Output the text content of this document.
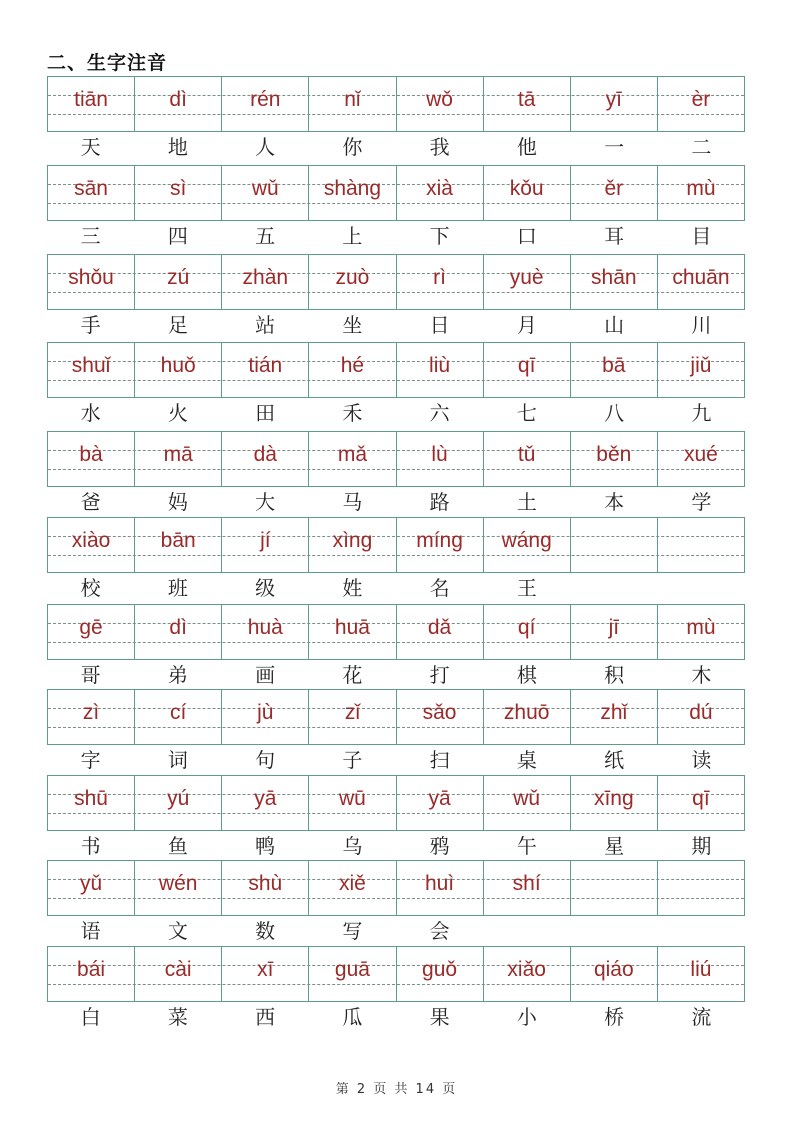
二、生字注音
tiān	dì	rén	nǐ	wǒ	tā	yī	èr
天	地	人	你	我	他	一	二
sān	sì	wǔ	shàng	xià	kǒu	ěr	mù
三	四	五	上	下	口	耳	目
shǒu	zú	zhàn	zuò	rì	yuè	shān	chuān
手	足	站	坐	日	月	山	川
shuǐ	huǒ	tián	hé	liù	qī	bā	jiǔ
水	火	田	禾	六	七	八	九
bà	mā	dà	mǎ	lù	tǔ	běn	xué
爸	妈	大	马	路	土	本	学
xiào	bān	jí	xìng	míng	wáng
校	班	级	姓	名	王
gē	dì	huà	huā	dǎ	qí	jī	mù
哥	弟	画	花	打	棋	积	木
zì	cí	jù	zǐ	sǎo	zhuō	zhǐ	dú
字	词	句	子	扫	桌	纸	读
shū	yú	yā	wū	yā	wǔ	xīng	qī
书	鱼	鸭	乌	鸦	午	星	期
yǔ	wén	shù	xiě	huì	shí
语	文	数	写	会
bái	cài	xī	guā	guǒ	xiǎo	qiáo	liú
白	菜	西	瓜	果	小	桥	流
第 2 页 共 14 页
